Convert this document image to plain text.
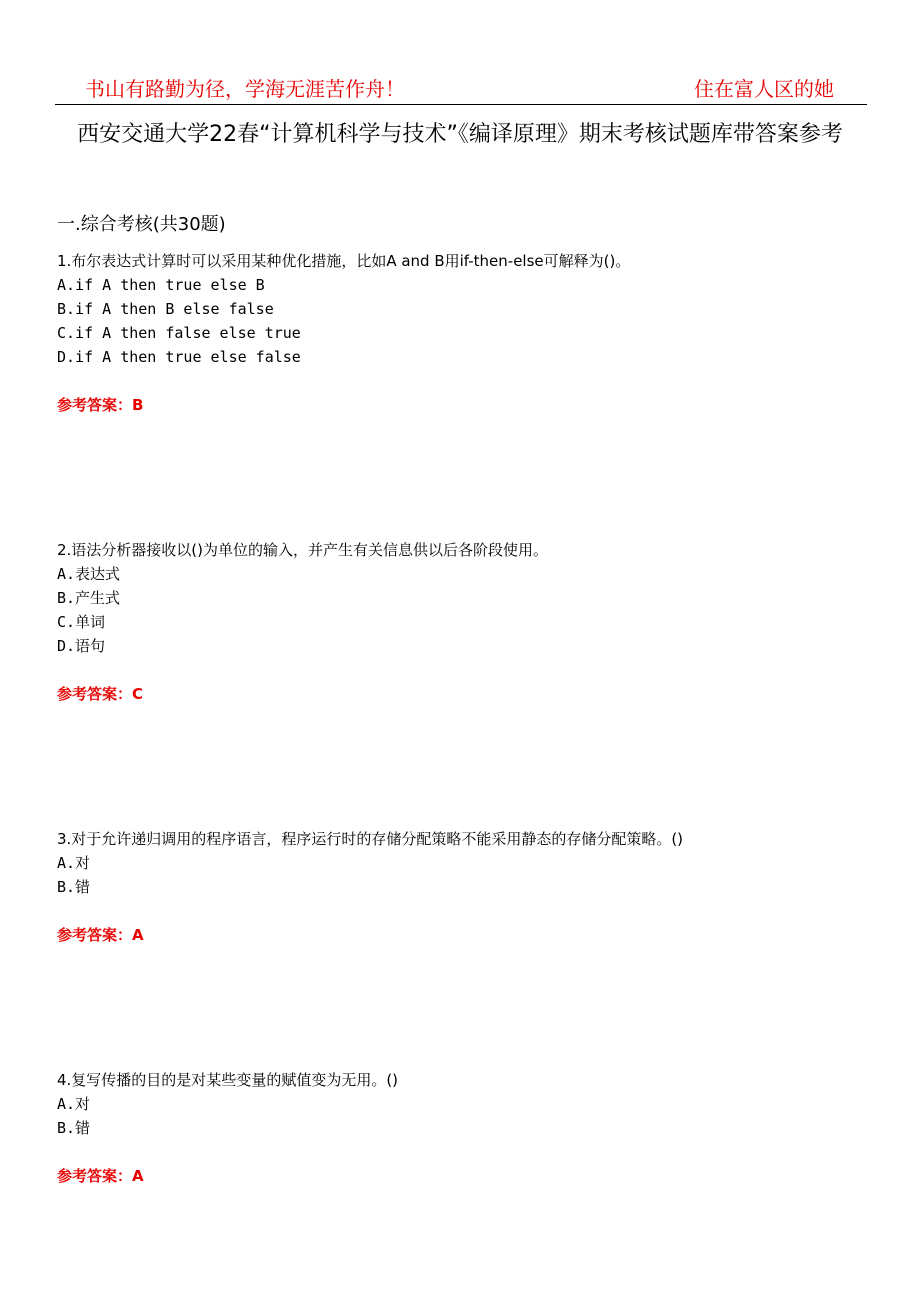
书山有路勤为径，学海无涯苦作舟！	住在富人区的她
西安交通大学22春“计算机科学与技术”《编译原理》期末考核试题库带答案参考
一.综合考核(共30题)
1.布尔表达式计算时可以采用某种优化措施，比如A and B用if-then-else可解释为()。
A.if A then true else B
B.if A then B else false
C.if A then false else true
D.if A then true else false
参考答案：B
2.语法分析器接收以()为单位的输入，并产生有关信息供以后各阶段使用。
A.表达式
B.产生式
C.单词
D.语句
参考答案：C
3.对于允许递归调用的程序语言，程序运行时的存储分配策略不能采用静态的存储分配策略。()
A.对
B.错
参考答案：A
4.复写传播的目的是对某些变量的赋值变为无用。()
A.对
B.错
参考答案：A
